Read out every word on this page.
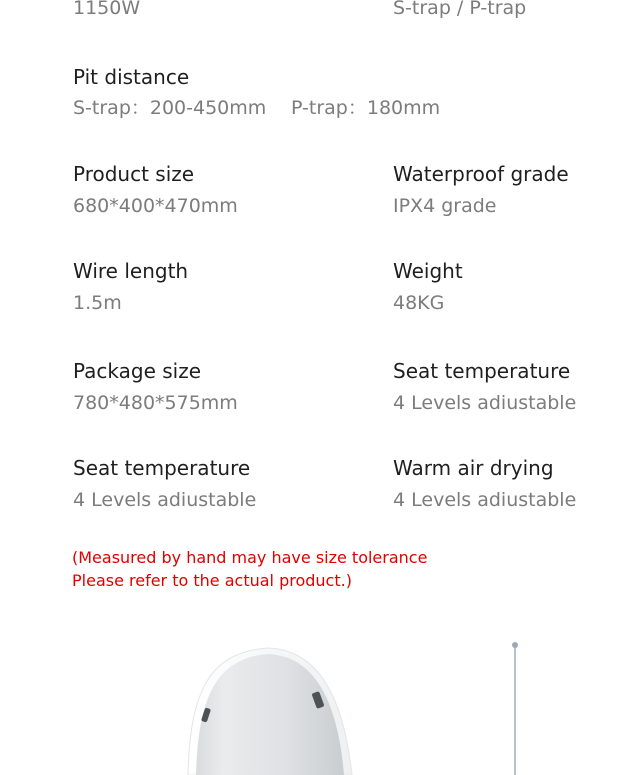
1150W	S-trap / P-trap
Pit distance
S-trap：200-450mm P-trap：180mm
Product size
680*400*470mm
Waterproof grade
IPX4 grade
Wire length
1.5m
Weight
48KG
Package size
780*480*575mm
Seat temperature
4 Levels adiustable
Seat temperature
4 Levels adiustable
Warm air drying
4 Levels adiustable
(Measured by hand may have size tolerance
Please refer to the actual product.)
